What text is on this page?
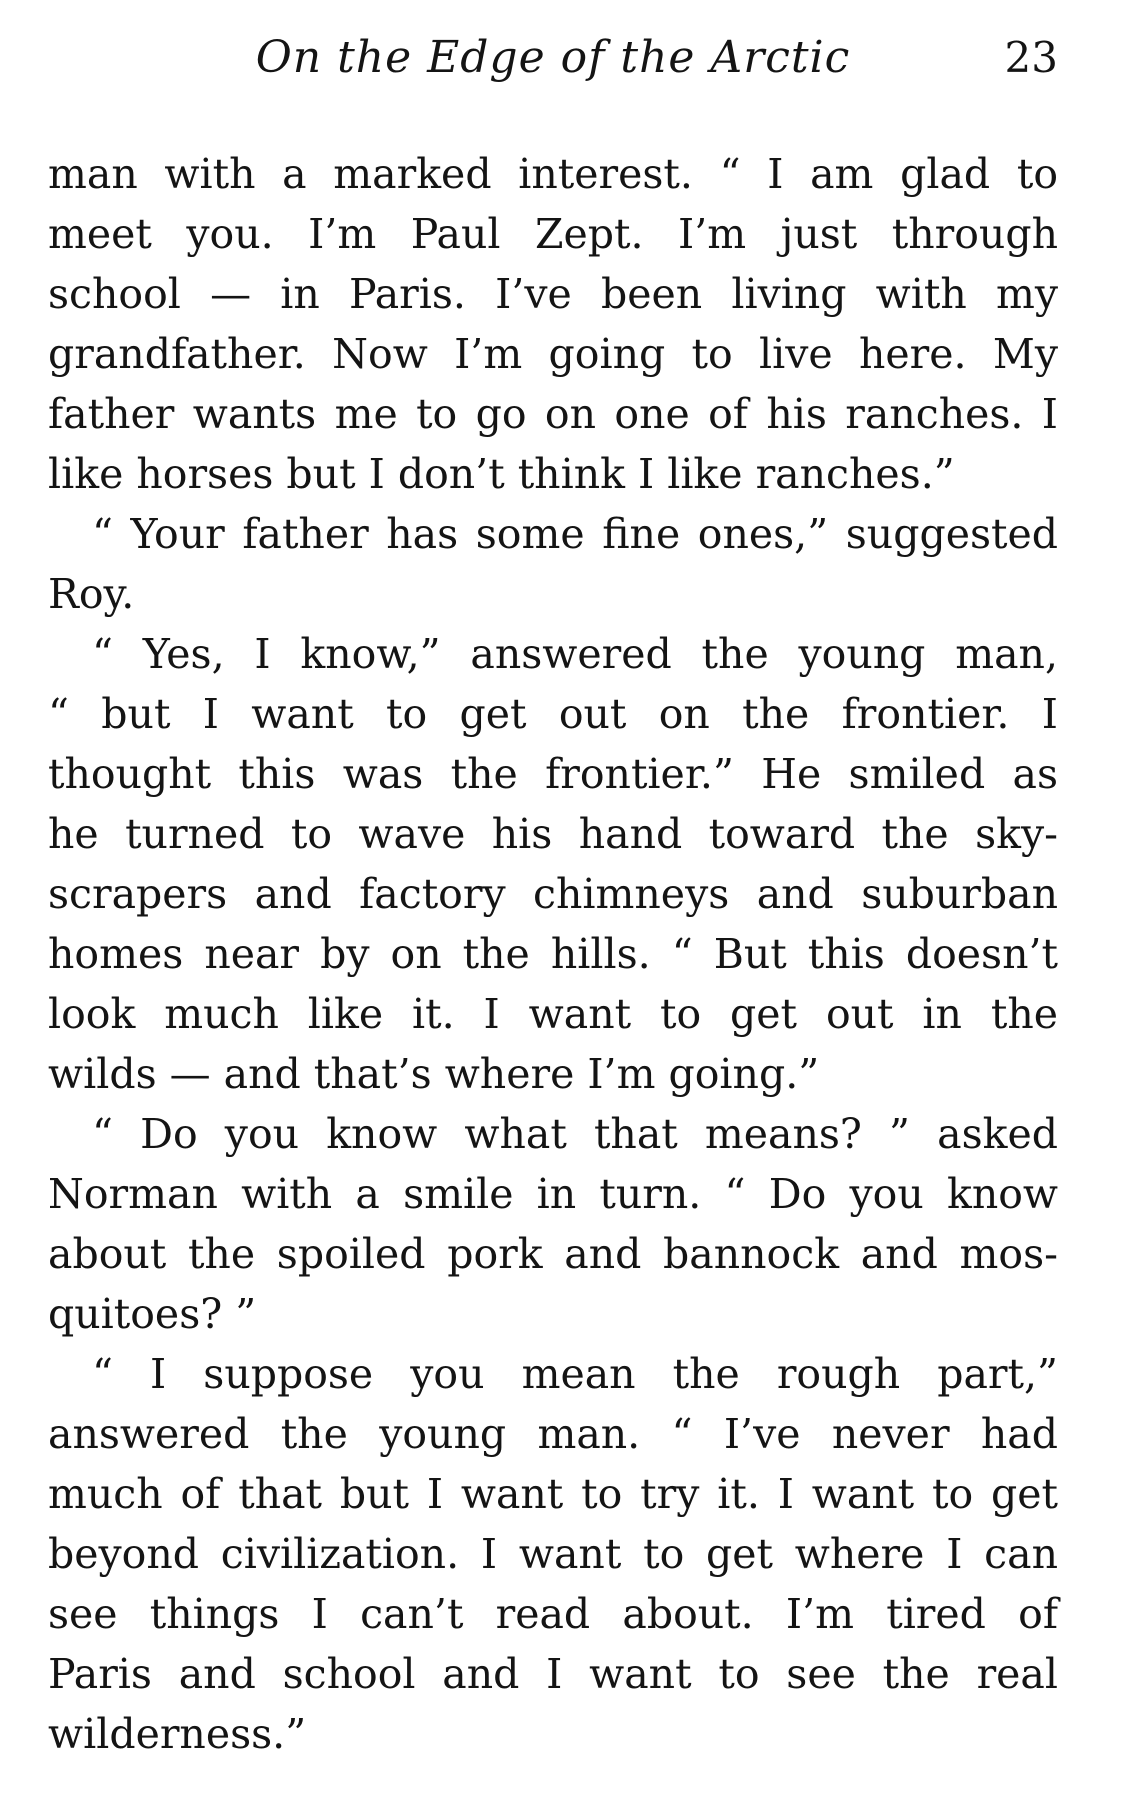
On the Edge of the Arctic	23
man with a marked interest. “ I am glad to
meet you. I’m Paul Zept. I’m just through
school — in Paris. I’ve been living with my
grandfather. Now I’m going to live here. My
father wants me to go on one of his ranches. I
like horses but I don’t think I like ranches.”
“ Your father has some fine ones,” suggested
Roy.
“ Yes, I know,” answered the young man,
“ but I want to get out on the frontier. I
thought this was the frontier.” He smiled as
he turned to wave his hand toward the sky-
scrapers and factory chimneys and suburban
homes near by on the hills. “ But this doesn’t
look much like it. I want to get out in the
wilds — and that’s where I’m going.”
“ Do you know what that means? ” asked
Norman with a smile in turn. “ Do you know
about the spoiled pork and bannock and mos-
quitoes? ”
“ I suppose you mean the rough part,”
answered the young man. “ I’ve never had
much of that but I want to try it. I want to get
beyond civilization. I want to get where I can
see things I can’t read about. I’m tired of
Paris and school and I want to see the real
wilderness.”
